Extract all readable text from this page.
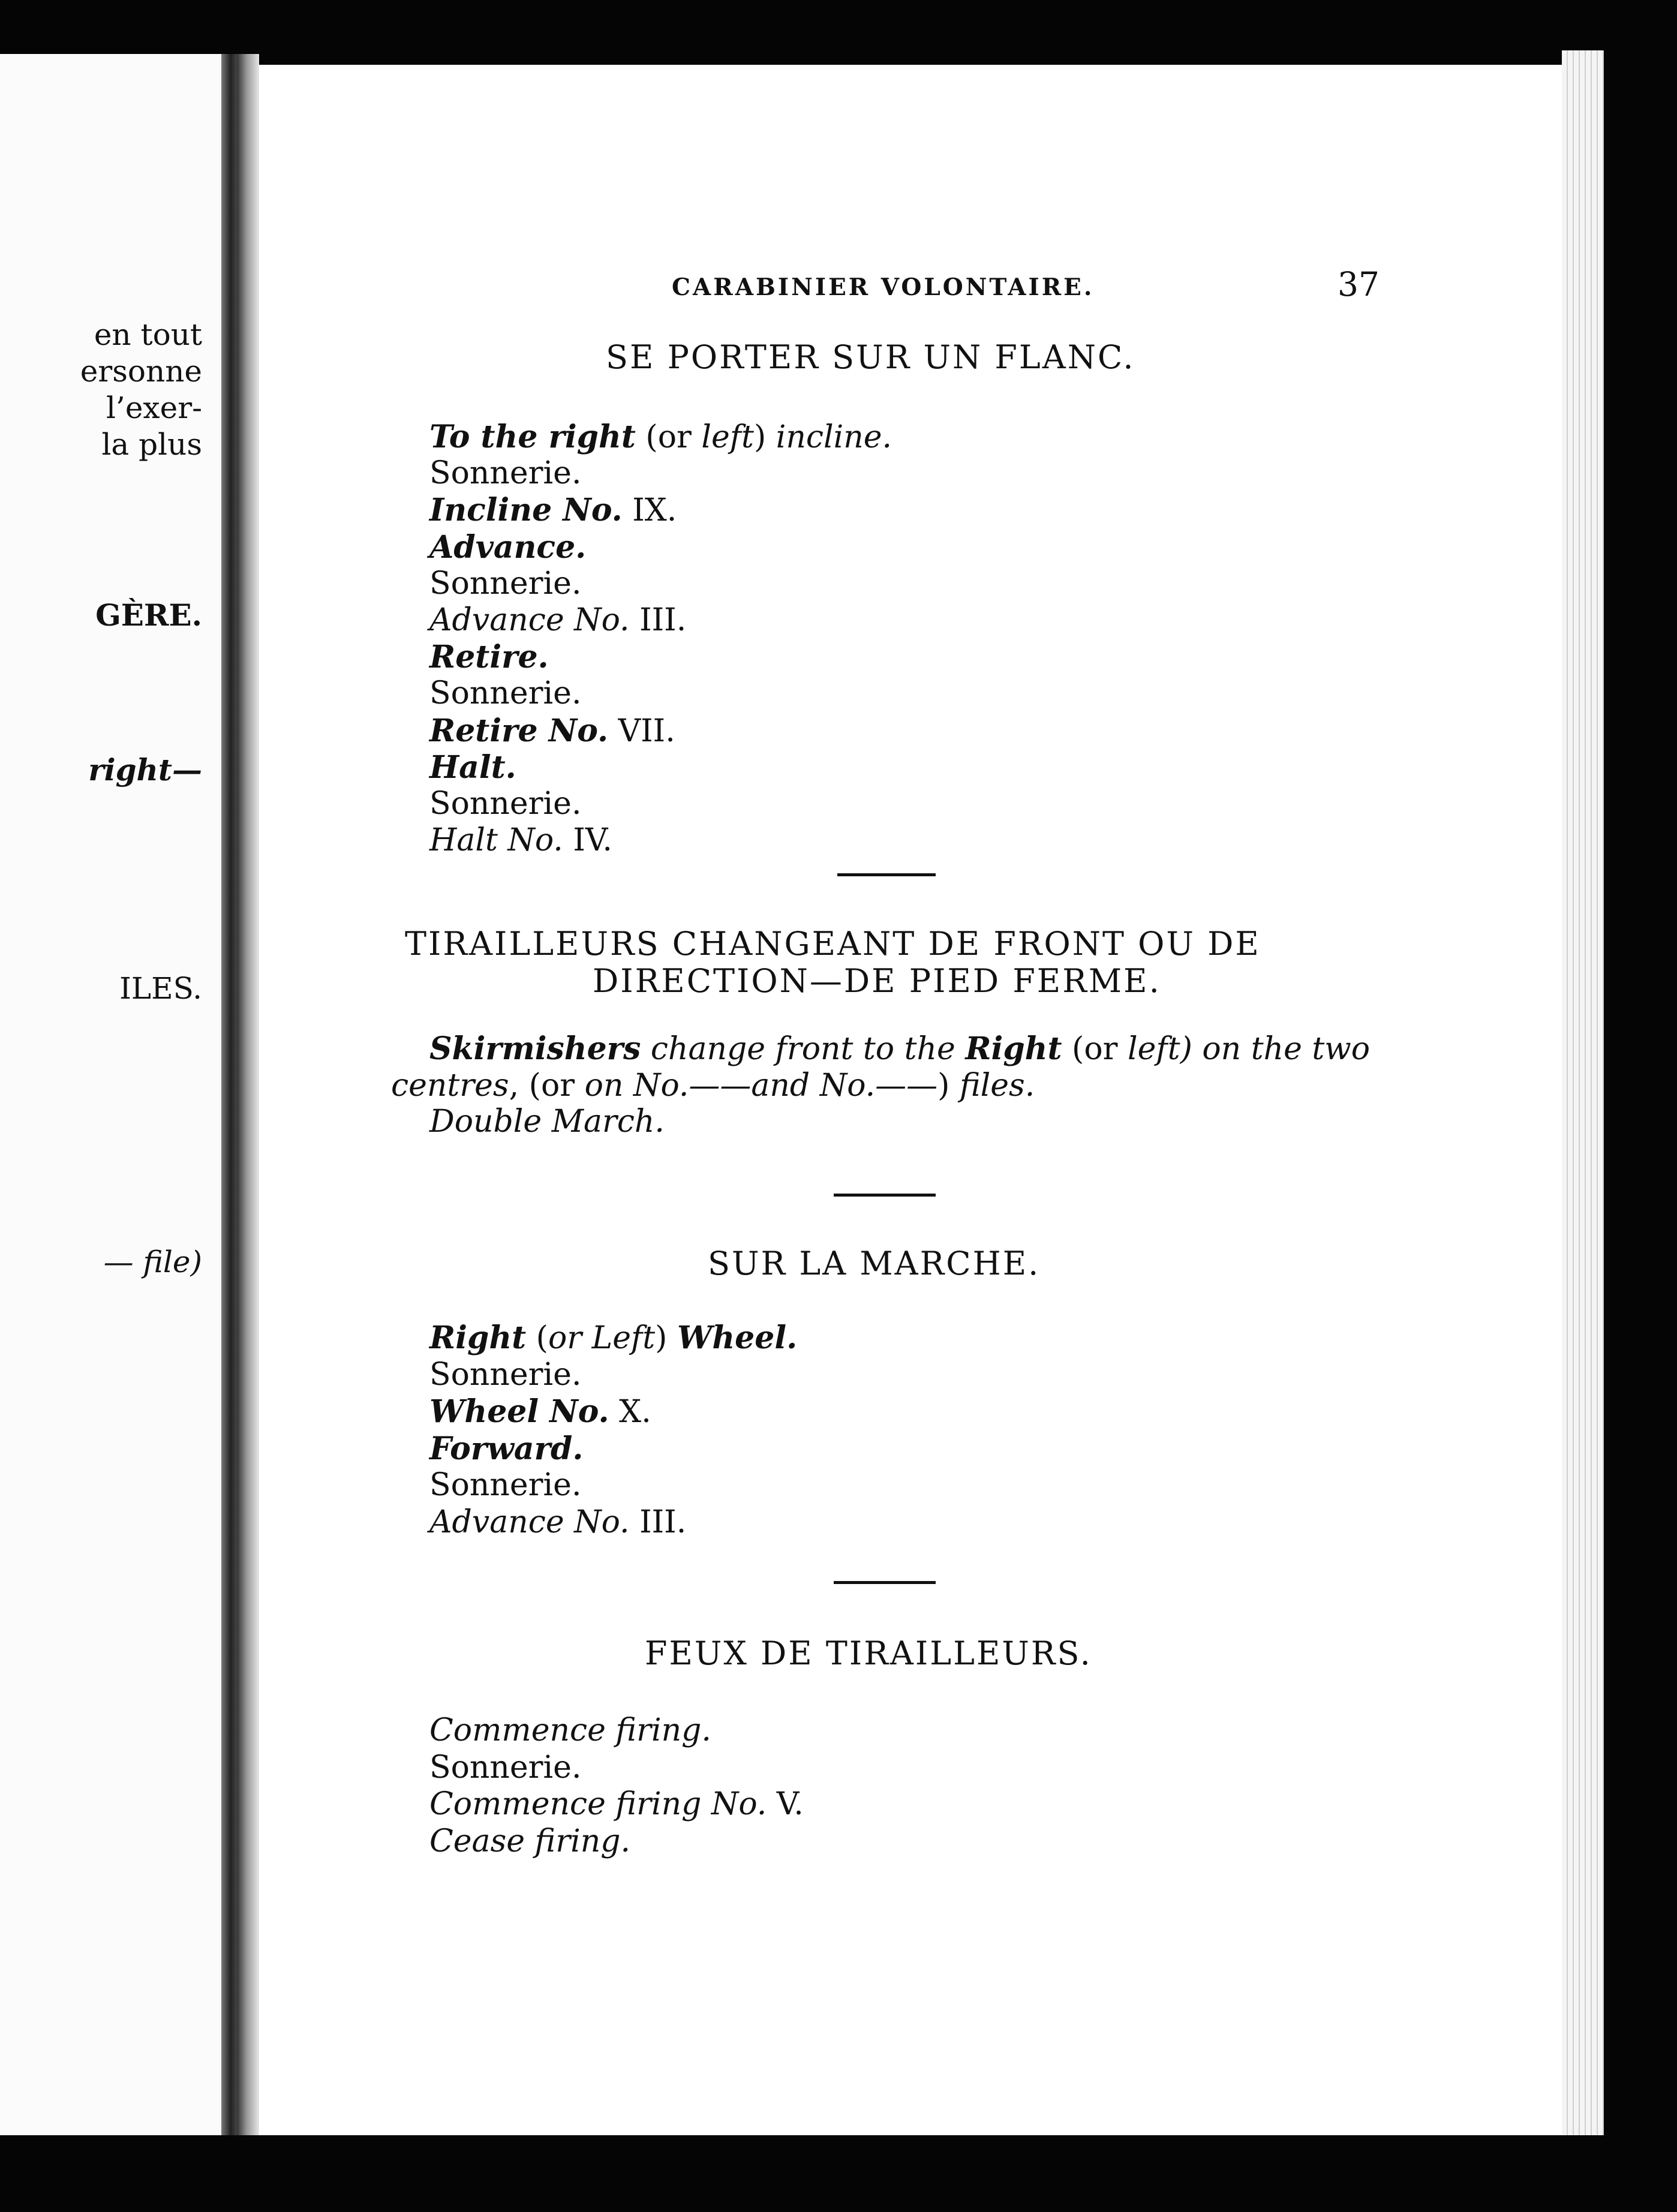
en tout
ersonne
l’exer-
la plus
GÈRE.
right—
ILES.
— file)
CARABINIER VOLONTAIRE.	37
SE PORTER SUR UN FLANC.
To the right (or left) incline.
Sonnerie.
Incline No. IX.
Advance.
Sonnerie.
Advance No. III.
Retire.
Sonnerie.
Retire No. VII.
Halt.
Sonnerie.
Halt No. IV.
TIRAILLEURS CHANGEANT DE FRONT OU DE
DIRECTION—DE PIED FERME.
Skirmishers change front to the Right (or left) on the two
centres, (or on No.——and No.——) files.
Double March.
SUR LA MARCHE.
Right (or Left) Wheel.
Sonnerie.
Wheel No. X.
Forward.
Sonnerie.
Advance No. III.
FEUX DE TIRAILLEURS.
Commence firing.
Sonnerie.
Commence firing No. V.
Cease firing.
